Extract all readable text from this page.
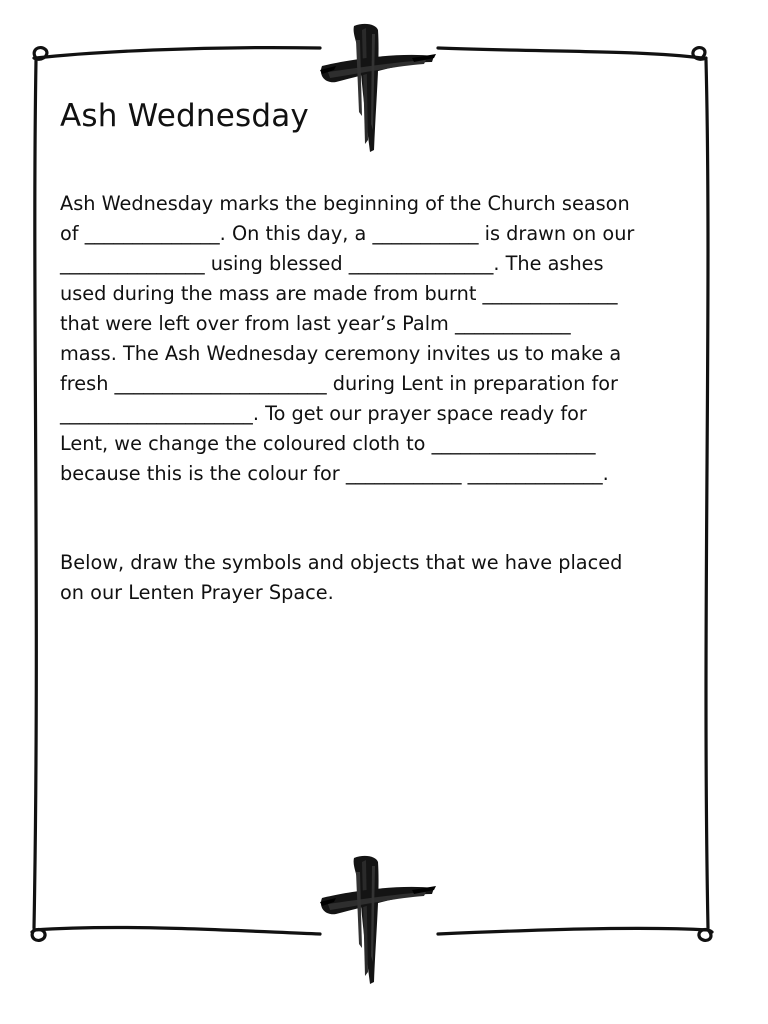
Ash Wednesday
Ash Wednesday marks the beginning of the Church season
of ______________. On this day, a ___________ is drawn on our
_______________ using blessed _______________. The ashes
used during the mass are made from burnt ______________
that were left over from last year’s Palm ____________
mass. The Ash Wednesday ceremony invites us to make a
fresh ______________________ during Lent in preparation for
____________________. To get our prayer space ready for
Lent, we change the coloured cloth to _________________
because this is the colour for ____________ ______________.
Below, draw the symbols and objects that we have placed
on our Lenten Prayer Space.
